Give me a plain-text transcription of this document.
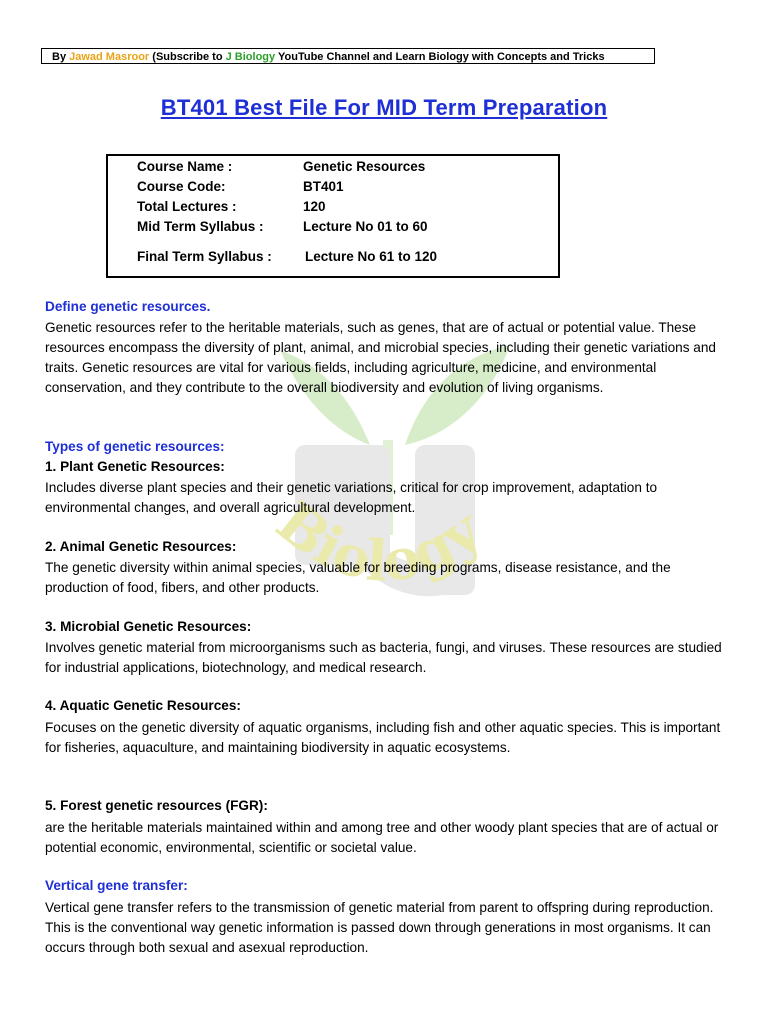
Biology
By Jawad Masroor (Subscribe to J Biology YouTube Channel and Learn Biology with Concepts and Tricks
BT401 Best File For MID Term Preparation
Course Name :	Genetic Resources
Course Code:	BT401
Total Lectures :	120
Mid Term Syllabus :	Lecture No 01 to 60
Final Term Syllabus : Lecture No 61 to 120

Define genetic resources.

Genetic resources refer to the heritable materials, such as genes, that are of actual or potential value. These resources encompass the diversity of plant, animal, and microbial species, including their genetic variations and traits. Genetic resources are vital for various fields, including agriculture, medicine, and environmental conservation, and they contribute to the overall biodiversity and evolution of living organisms.

Types of genetic resources:

1. Plant Genetic Resources:

Includes diverse plant species and their genetic variations, critical for crop improvement, adaptation to environmental changes, and overall agricultural development.

2. Animal Genetic Resources:

The genetic diversity within animal species, valuable for breeding programs, disease resistance, and the production of food, fibers, and other products.

3. Microbial Genetic Resources:

Involves genetic material from microorganisms such as bacteria, fungi, and viruses. These resources are studied for industrial applications, biotechnology, and medical research.

4. Aquatic Genetic Resources:

Focuses on the genetic diversity of aquatic organisms, including fish and other aquatic species. This is important for fisheries, aquaculture, and maintaining biodiversity in aquatic ecosystems.

5. Forest genetic resources (FGR):

are the heritable materials maintained within and among tree and other woody plant species that are of actual or potential economic, environmental, scientific or societal value.

Vertical gene transfer:

Vertical gene transfer refers to the transmission of genetic material from parent to offspring during reproduction. This is the conventional way genetic information is passed down through generations in most organisms. It can occurs through both sexual and asexual reproduction.
